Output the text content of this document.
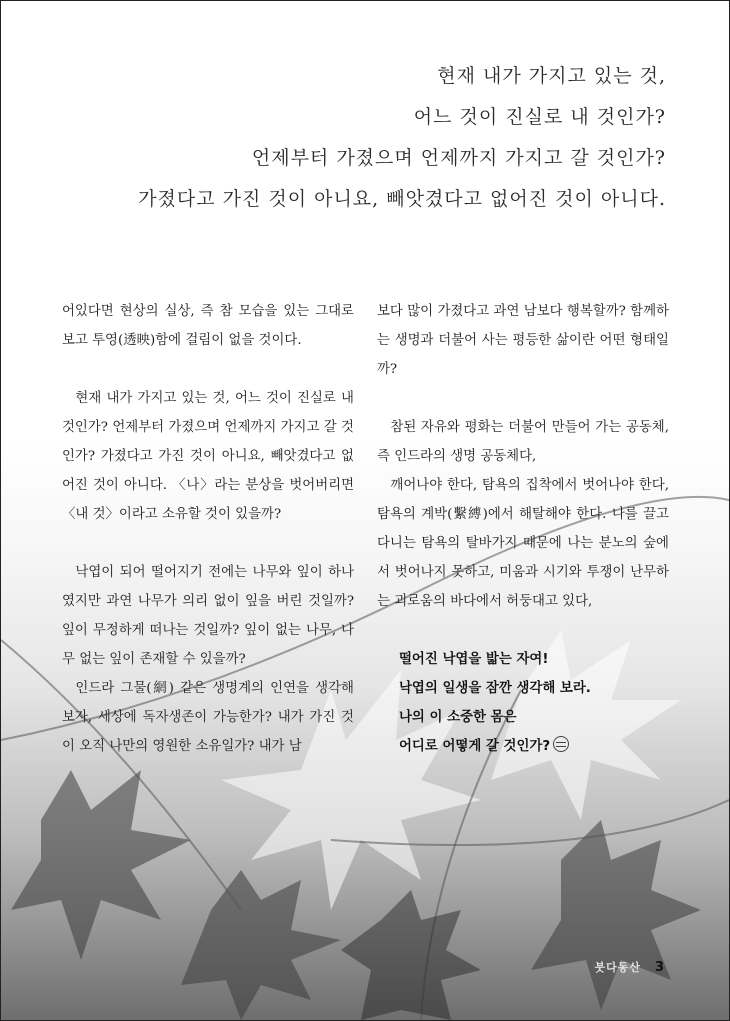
현재 내가 가지고 있는 것,
어느 것이 진실로 내 것인가?
언제부터 가졌으며 언제까지 가지고 갈 것인가?
가졌다고 가진 것이 아니요, 빼앗겼다고 없어진 것이 아니다.

어있다면 현상의 실상, 즉 참 모습을 있는 그대로 보고 투영(透映)함에 걸림이 없을 것이다.

현재 내가 가지고 있는 것, 어느 것이 진실로 내 것인가? 언제부터 가졌으며 언제까지 가지고 갈 것인가? 가졌다고 가진 것이 아니요, 빼앗겼다고 없어진 것이 아니다. 〈나〉라는 분상을 벗어버리면 〈내 것〉이라고 소유할 것이 있을까?

낙엽이 되어 떨어지기 전에는 나무와 잎이 하나였지만 과연 나무가 의리 없이 잎을 버린 것일까? 잎이 무정하게 떠나는 것일까? 잎이 없는 나무, 나무 없는 잎이 존재할 수 있을까?

인드라 그물(網) 같은 생명계의 인연을 생각해 보자, 세상에 독자생존이 가능한가? 내가 가진 것이 오직 나만의 영원한 소유일가? 내가 남

보다 많이 가졌다고 과연 남보다 행복할까? 함께하는 생명과 더불어 사는 평등한 삶이란 어떤 형태일까?

참된 자유와 평화는 더불어 만들어 가는 공동체, 즉 인드라의 생명 공동체다,

깨어나야 한다, 탐욕의 집착에서 벗어나야 한다, 탐욕의 계박(繫縛)에서 해탈해야 한다. 나를 끌고 다니는 탐욕의 탈바가지 때문에 나는 분노의 숲에서 벗어나지 못하고, 미움과 시기와 투쟁이 난무하는 괴로움의 바다에서 허둥대고 있다,

떨어진 낙엽을 밟는 자여!
낙엽의 일생을 잠깐 생각해 보라.
나의 이 소중한 몸은
어디로 어떻게 갈 것인가?
붓다동산 3
